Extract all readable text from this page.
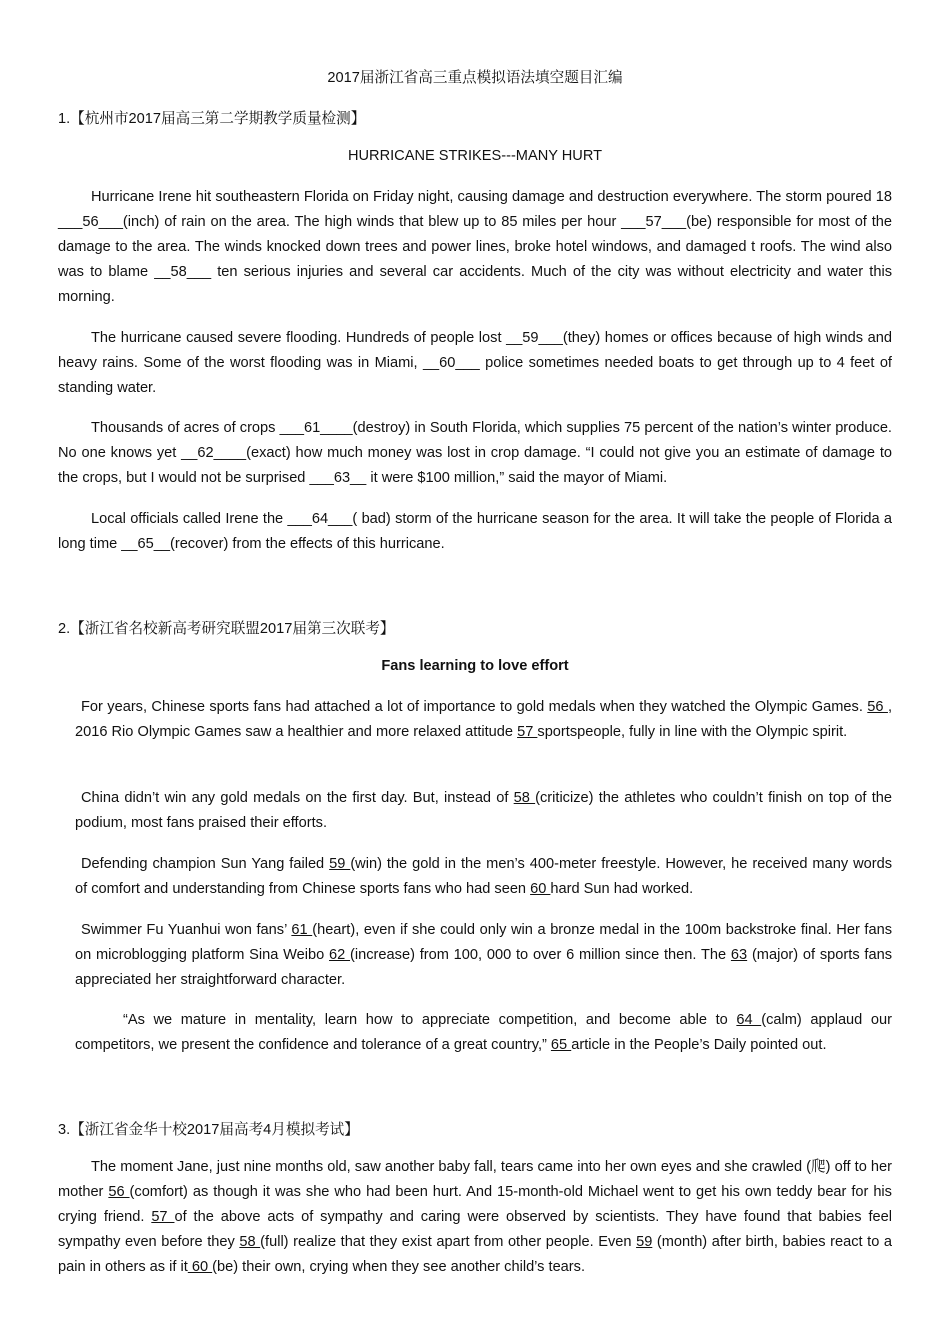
2017届浙江省高三重点模拟语法填空题目汇编
1.【杭州市2017届高三第二学期教学质量检测】
HURRICANE STRIKES---MANY HURT

Hurricane Irene hit southeastern Florida on Friday night, causing damage and destruction everywhere. The storm poured 18 ___56___(inch) of rain on the area. The high winds that blew up to 85 miles per hour ___57___(be) responsible for most of the damage to the area. The winds knocked down trees and power lines, broke hotel windows, and damaged t roofs. The wind also was to blame __58___ ten serious injuries and several car accidents. Much of the city was without electricity and water this morning.

The hurricane caused severe flooding. Hundreds of people lost __59___(they) homes or offices because of high winds and heavy rains. Some of the worst flooding was in Miami, __60___ police sometimes needed boats to get through up to 4 feet of standing water.

Thousands of acres of crops ___61____(destroy) in South Florida, which supplies 75 percent of the nation’s winter produce. No one knows yet __62____(exact) how much money was lost in crop damage. “I could not give you an estimate of damage to the crops, but I would not be surprised ___63__ it were $100 million,” said the mayor of Miami.

Local officials called Irene the ___64___( bad) storm of the hurricane season for the area. It will take the people of Florida a long time __65__(recover) from the effects of this hurricane.

2.【浙江省名校新高考研究联盟2017届第三次联考】
Fans learning to love effort

For years, Chinese sports fans had attached a lot of importance to gold medals when they watched the Olympic Games. 56 , 2016 Rio Olympic Games saw a healthier and more relaxed attitude 57 sportspeople, fully in line with the Olympic spirit.

China didn’t win any gold medals on the first day. But, instead of 58 (criticize) the athletes who couldn’t finish on top of the podium, most fans praised their efforts.

Defending champion Sun Yang failed 59 (win) the gold in the men’s 400-meter freestyle. However, he received many words of comfort and understanding from Chinese sports fans who had seen 60 hard Sun had worked.

Swimmer Fu Yuanhui won fans’ 61 (heart), even if she could only win a bronze medal in the 100m backstroke final. Her fans on microblogging platform Sina Weibo 62 (increase) from 100, 000 to over 6 million since then. The 63 (major) of sports fans appreciated her straightforward character.

“As we mature in mentality, learn how to appreciate competition, and become able to 64 (calm) applaud our competitors, we present the confidence and tolerance of a great country,” 65 article in the People’s Daily pointed out.

3.【浙江省金华十校2017届高考4月模拟考试】

The moment Jane, just nine months old, saw another baby fall, tears came into her own eyes and she crawled (爬) off to her mother 56 (comfort) as though it was she who had been hurt. And 15-month-old Michael went to get his own teddy bear for his crying friend. 57 of the above acts of sympathy and caring were observed by scientists. They have found that babies feel sympathy even before they 58 (full) realize that they exist apart from other people. Even 59 (month) after birth, babies react to a pain in others as if it 60 (be) their own, crying when they see another child’s tears.
